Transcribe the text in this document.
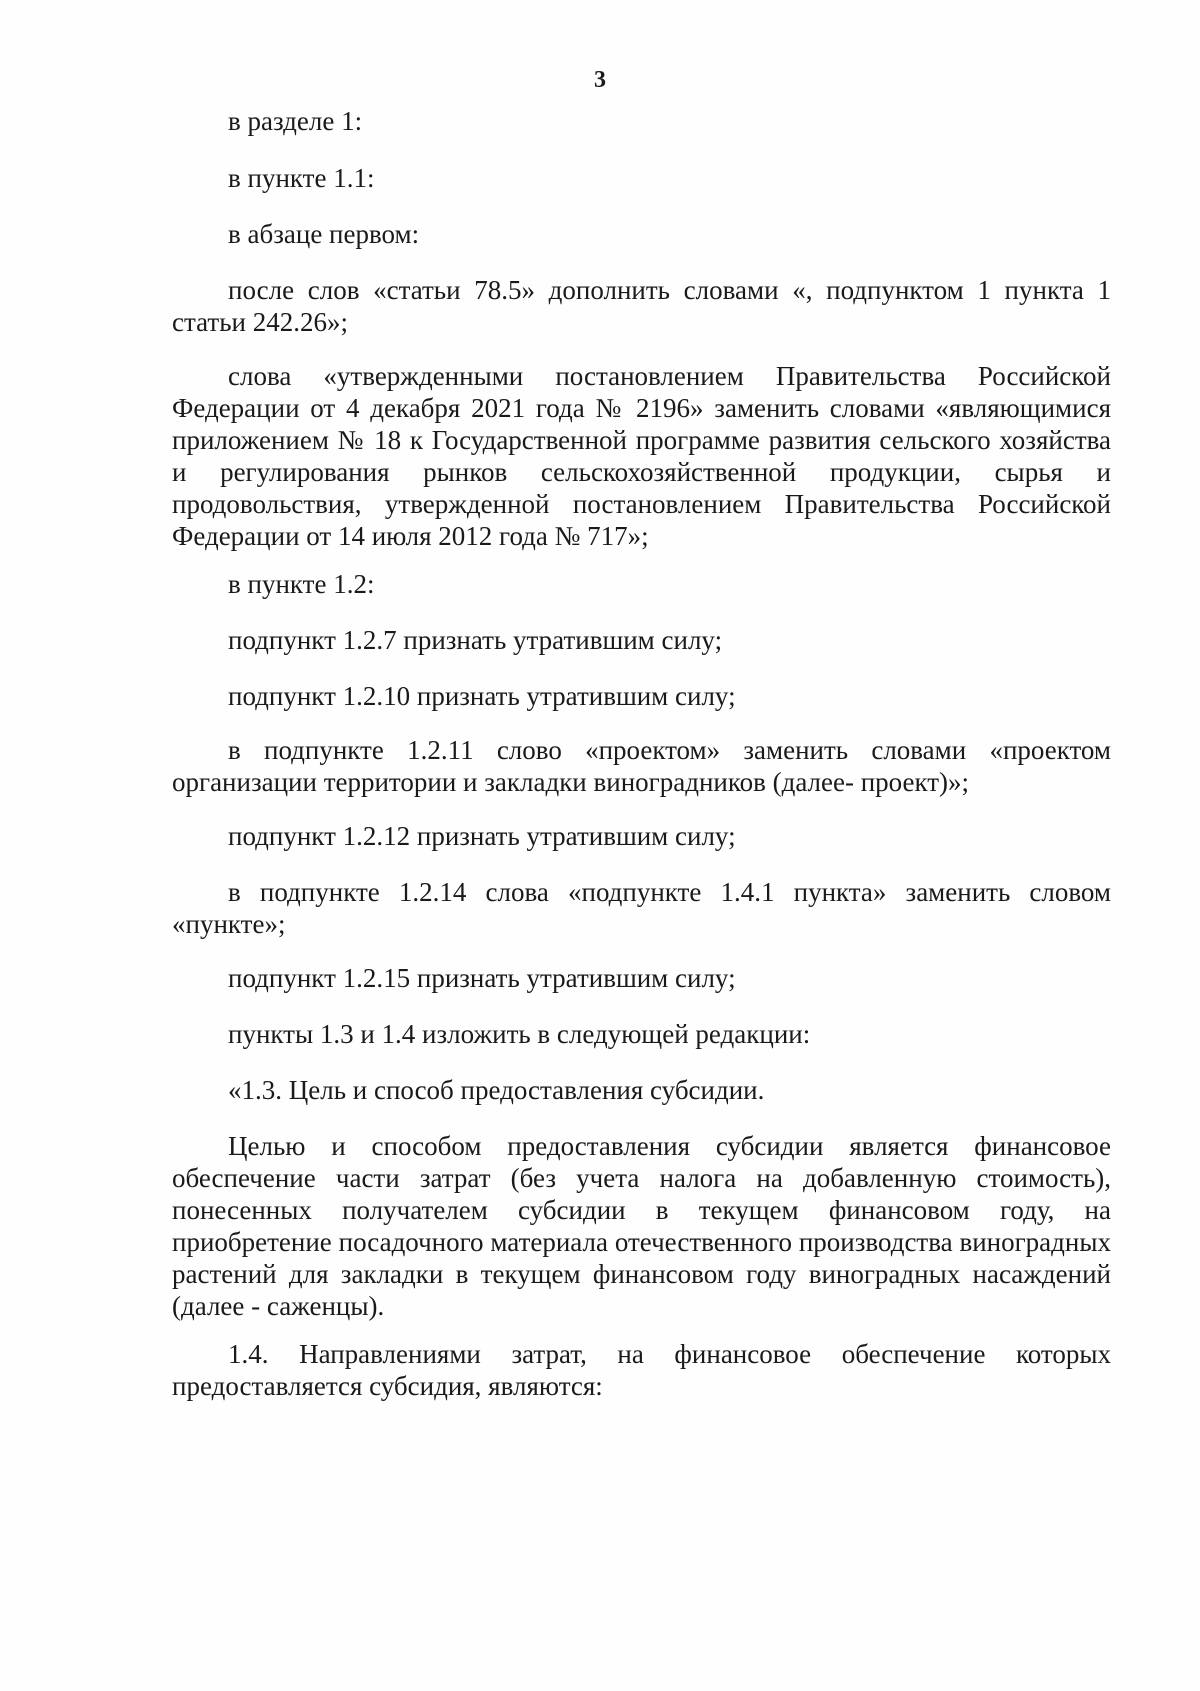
3

в разделе 1:

в пункте 1.1:

в абзаце первом:

после слов «статьи 78.5» дополнить словами «, подпунктом 1 пункта 1 статьи 242.26»;

слова «утвержденными постановлением Правительства Российской Федерации от 4 декабря 2021 года № 2196» заменить словами «являющимися приложением № 18 к Государственной программе развития сельского хозяйства и регулирования рынков сельскохозяйственной продукции, сырья и продовольствия, утвержденной постановлением Правительства Российской Федерации от 14 июля 2012 года № 717»;

в пункте 1.2:

подпункт 1.2.7 признать утратившим силу;

подпункт 1.2.10 признать утратившим силу;

в подпункте 1.2.11 слово «проектом» заменить словами «проектом организации территории и закладки виноградников (далее- проект)»;

подпункт 1.2.12 признать утратившим силу;

в подпункте 1.2.14 слова «подпункте 1.4.1 пункта» заменить словом «пункте»;

подпункт 1.2.15 признать утратившим силу;

пункты 1.3 и 1.4 изложить в следующей редакции:

«1.3. Цель и способ предоставления субсидии.

Целью и способом предоставления субсидии является финансовое обеспечение части затрат (без учета налога на добавленную стоимость), понесенных получателем субсидии в текущем финансовом году, на приобретение посадочного материала отечественного производства виноградных растений для закладки в текущем финансовом году виноградных насаждений (далее - саженцы).

1.4. Направлениями затрат, на финансовое обеспечение которых предоставляется субсидия, являются:
